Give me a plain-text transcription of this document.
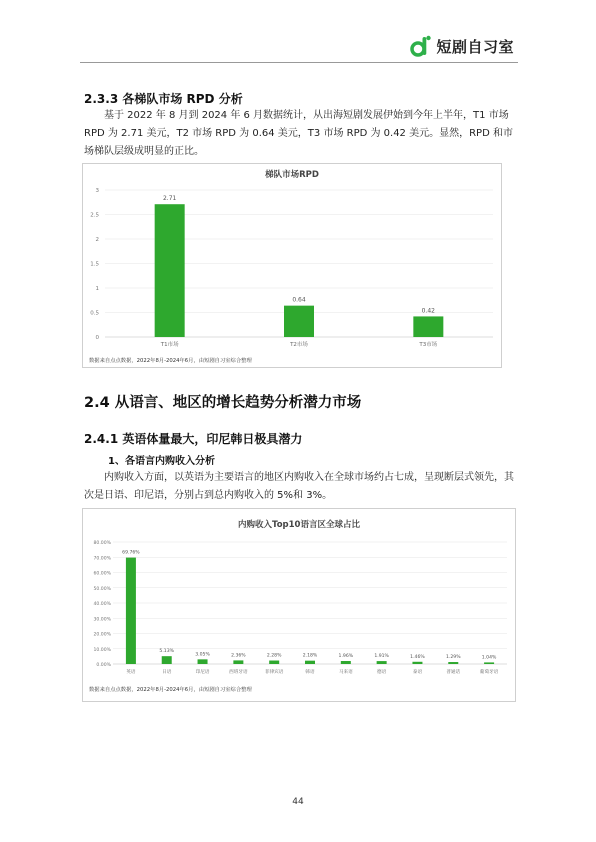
短剧自习室
2.3.3 各梯队市场 RPD 分析

基于 2022 年 8 月到 2024 年 6 月数据统计，从出海短剧发展伊始到今年上半年，T1 市场 RPD 为 2.71 美元，T2 市场 RPD 为 0.64 美元，T3 市场 RPD 为 0.42 美元。显然，RPD 和市场梯队层级成明显的正比。

梯队市场RPD
0
0.5
1
1.5
2
2.5
3
2.71
T1市场
0.64
T2市场
0.42
T3市场
数据来自点点数据，2022年8月-2024年6月，由短剧自习室综合整理
2.4 从语言、地区的增长趋势分析潜力市场
2.4.1 英语体量最大，印尼韩日极具潜力
1、各语言内购收入分析

内购收入方面，以英语为主要语言的地区内购收入在全球市场约占七成，呈现断层式领先，其次是日语、印尼语，分别占到总内购收入的 5%和 3%。

内购收入Top10语言区全球占比
0.00%
10.00%
20.00%
30.00%
40.00%
50.00%
60.00%
70.00%
80.00%
69.76%
英语
5.13%
日语
3.05%
印尼语
2.36%
西班牙语
2.28%
菲律宾语
2.18%
韩语
1.96%
马来语
1.91%
德语
1.46%
泰语
1.29%
普通话
1.04%
葡萄牙语
数据来自点点数据，2022年8月-2024年6月，由短剧自习室综合整理
44
